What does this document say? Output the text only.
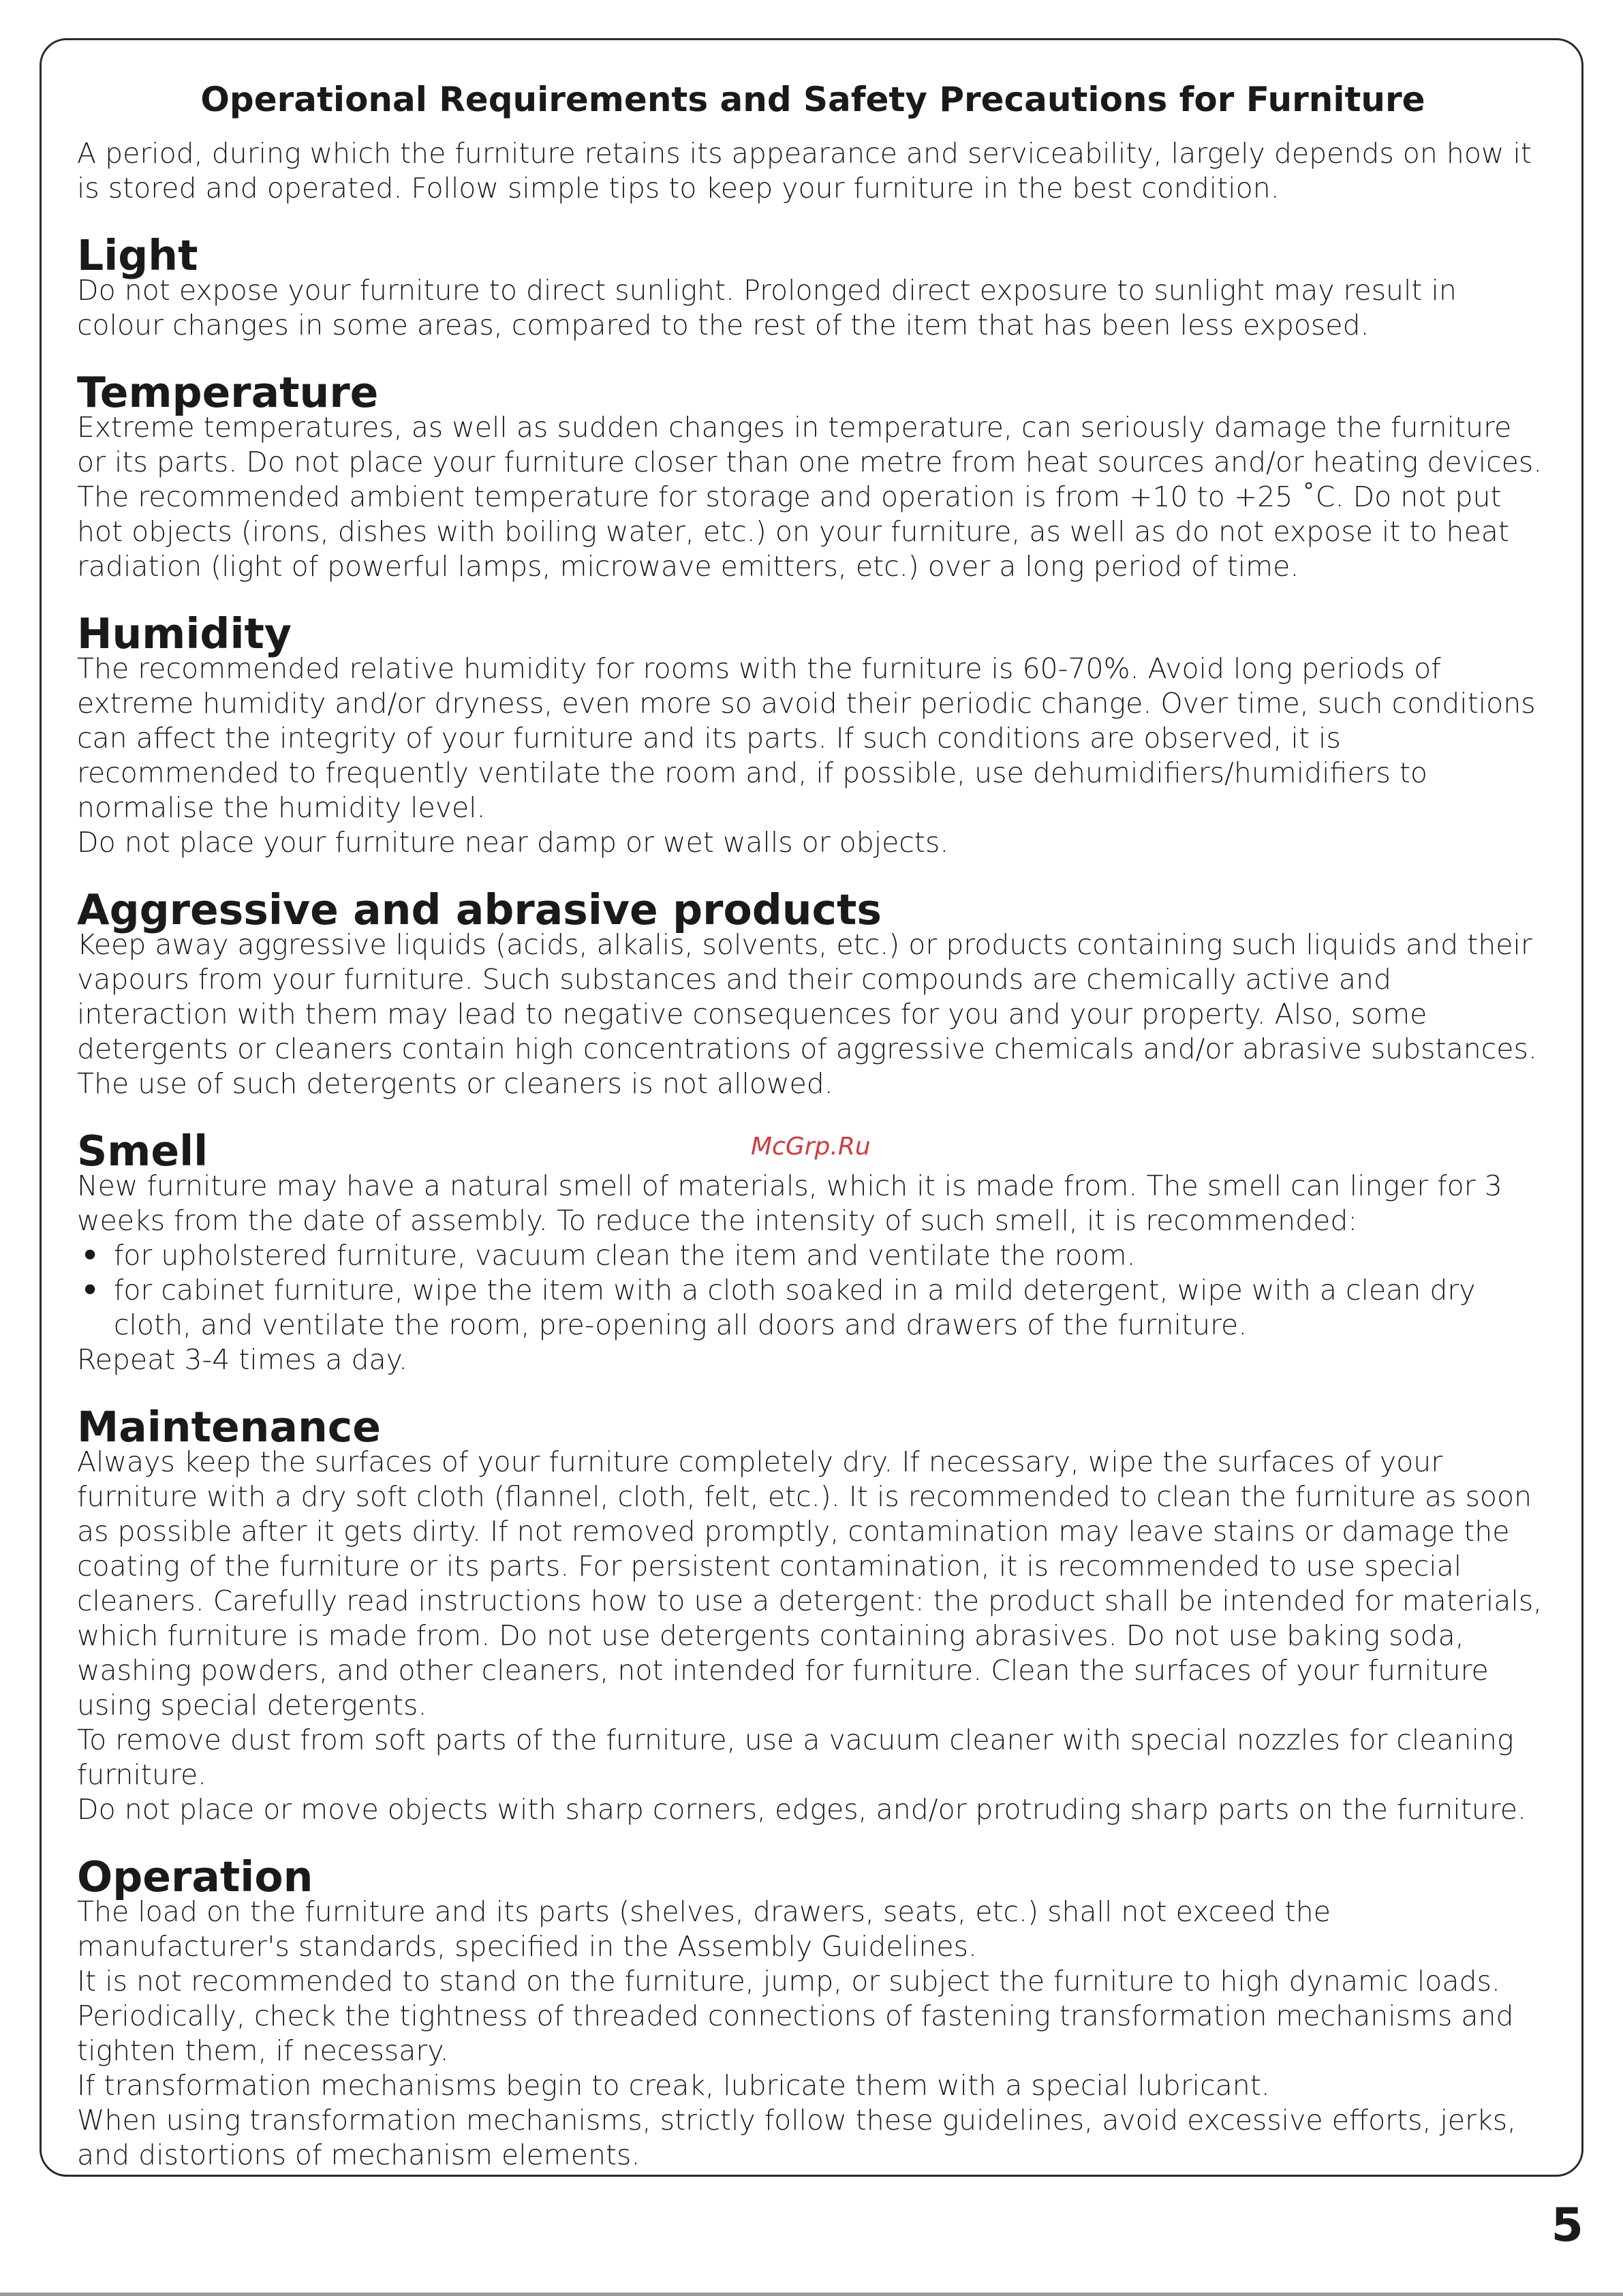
Operational Requirements and Safety Precautions for Furniture

A period, during which the furniture retains its appearance and serviceability, largely depends on how it is stored and operated. Follow simple tips to keep your furniture in the best condition.

Light

Do not expose your furniture to direct sunlight. Prolonged direct exposure to sunlight may result in colour changes in some areas, compared to the rest of the item that has been less exposed.

Temperature

Extreme temperatures, as well as sudden changes in temperature, can seriously damage the furniture or its parts. Do not place your furniture closer than one metre from heat sources and/or heating devices. The recommended ambient temperature for storage and operation is from +10 to +25 ˚C. Do not put hot objects (irons, dishes with boiling water, etc.) on your furniture, as well as do not expose it to heat radiation (light of powerful lamps, microwave emitters, etc.) over a long period of time.

Humidity

The recommended relative humidity for rooms with the furniture is 60-70%. Avoid long periods of extreme humidity and/or dryness, even more so avoid their periodic change. Over time, such conditions can affect the integrity of your furniture and its parts. If such conditions are observed, it is recommended to frequently ventilate the room and, if possible, use dehumidifiers/humidifiers to normalise the humidity level.

Do not place your furniture near damp or wet walls or objects.

Aggressive and abrasive products

Keep away aggressive liquids (acids, alkalis, solvents, etc.) or products containing such liquids and their vapours from your furniture. Such substances and their compounds are chemically active and interaction with them may lead to negative consequences for you and your property. Also, some detergents or cleaners contain high concentrations of aggressive chemicals and/or abrasive substances. The use of such detergents or cleaners is not allowed.

Smell

New furniture may have a natural smell of materials, which it is made from. The smell can linger for 3 weeks from the date of assembly. To reduce the intensity of such smell, it is recommended:

• for upholstered furniture, vacuum clean the item and ventilate the room.
• for cabinet furniture, wipe the item with a cloth soaked in a mild detergent, wipe with a clean dry cloth, and ventilate the room, pre-opening all doors and drawers of the furniture.

Repeat 3-4 times a day.

Maintenance

Always keep the surfaces of your furniture completely dry. If necessary, wipe the surfaces of your furniture with a dry soft cloth (flannel, cloth, felt, etc.). It is recommended to clean the furniture as soon as possible after it gets dirty. If not removed promptly, contamination may leave stains or damage the coating of the furniture or its parts. For persistent contamination, it is recommended to use special cleaners. Carefully read instructions how to use a detergent: the product shall be intended for materials, which furniture is made from. Do not use detergents containing abrasives. Do not use baking soda, washing powders, and other cleaners, not intended for furniture. Clean the surfaces of your furniture using special detergents.

To remove dust from soft parts of the furniture, use a vacuum cleaner with special nozzles for cleaning furniture.

Do not place or move objects with sharp corners, edges, and/or protruding sharp parts on the furniture.

Operation

The load on the furniture and its parts (shelves, drawers, seats, etc.) shall not exceed the manufacturer's standards, specified in the Assembly Guidelines.

It is not recommended to stand on the furniture, jump, or subject the furniture to high dynamic loads.

Periodically, check the tightness of threaded connections of fastening transformation mechanisms and tighten them, if necessary.

If transformation mechanisms begin to creak, lubricate them with a special lubricant.

When using transformation mechanisms, strictly follow these guidelines, avoid excessive efforts, jerks, and distortions of mechanism elements.

McGrp.Ru
5
